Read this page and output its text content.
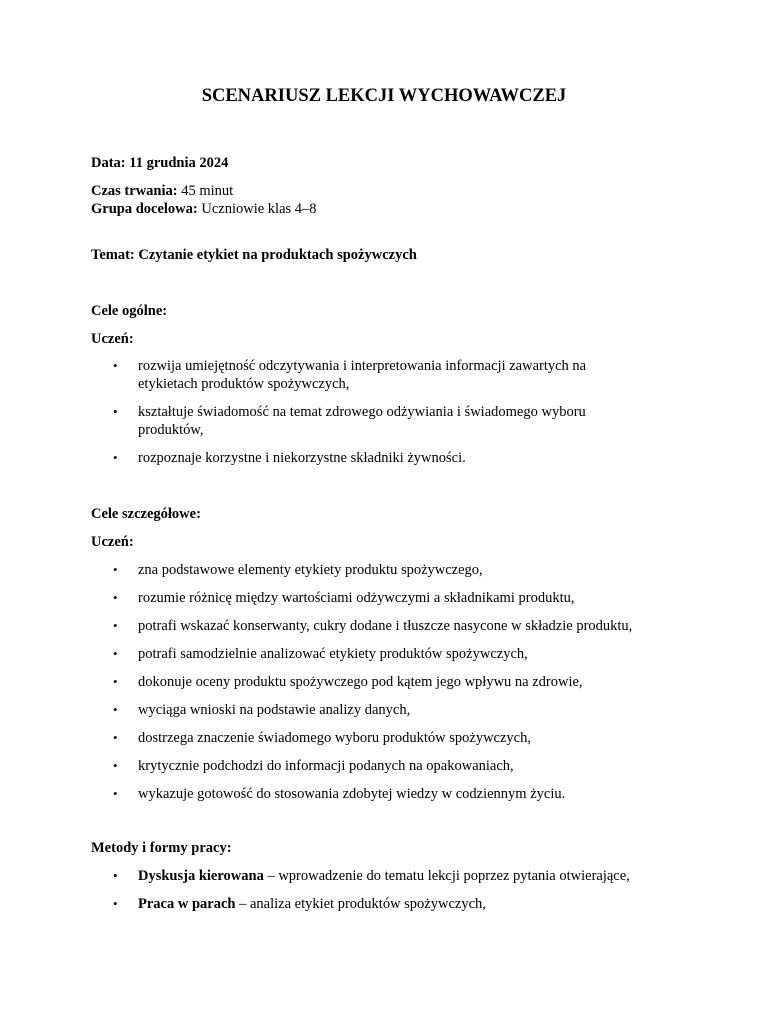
SCENARIUSZ LEKCJI WYCHOWAWCZEJ

Data: 11 grudnia 2024

Czas trwania: 45 minut

Grupa docelowa: Uczniowie klas 4–8

Temat: Czytanie etykiet na produktach spożywczych

Cele ogólne:

Uczeń:

• rozwija umiejętność odczytywania i interpretowania informacji zawartych na
etykietach produktów spożywczych,
• kształtuje świadomość na temat zdrowego odżywiania i świadomego wyboru
produktów,
• rozpoznaje korzystne i niekorzystne składniki żywności.

Cele szczegółowe:

Uczeń:

• zna podstawowe elementy etykiety produktu spożywczego,
• rozumie różnicę między wartościami odżywczymi a składnikami produktu,
• potrafi wskazać konserwanty, cukry dodane i tłuszcze nasycone w składzie produktu,
• potrafi samodzielnie analizować etykiety produktów spożywczych,
• dokonuje oceny produktu spożywczego pod kątem jego wpływu na zdrowie,
• wyciąga wnioski na podstawie analizy danych,
• dostrzega znaczenie świadomego wyboru produktów spożywczych,
• krytycznie podchodzi do informacji podanych na opakowaniach,
• wykazuje gotowość do stosowania zdobytej wiedzy w codziennym życiu.

Metody i formy pracy:

• Dyskusja kierowana – wprowadzenie do tematu lekcji poprzez pytania otwierające,
• Praca w parach – analiza etykiet produktów spożywczych,
